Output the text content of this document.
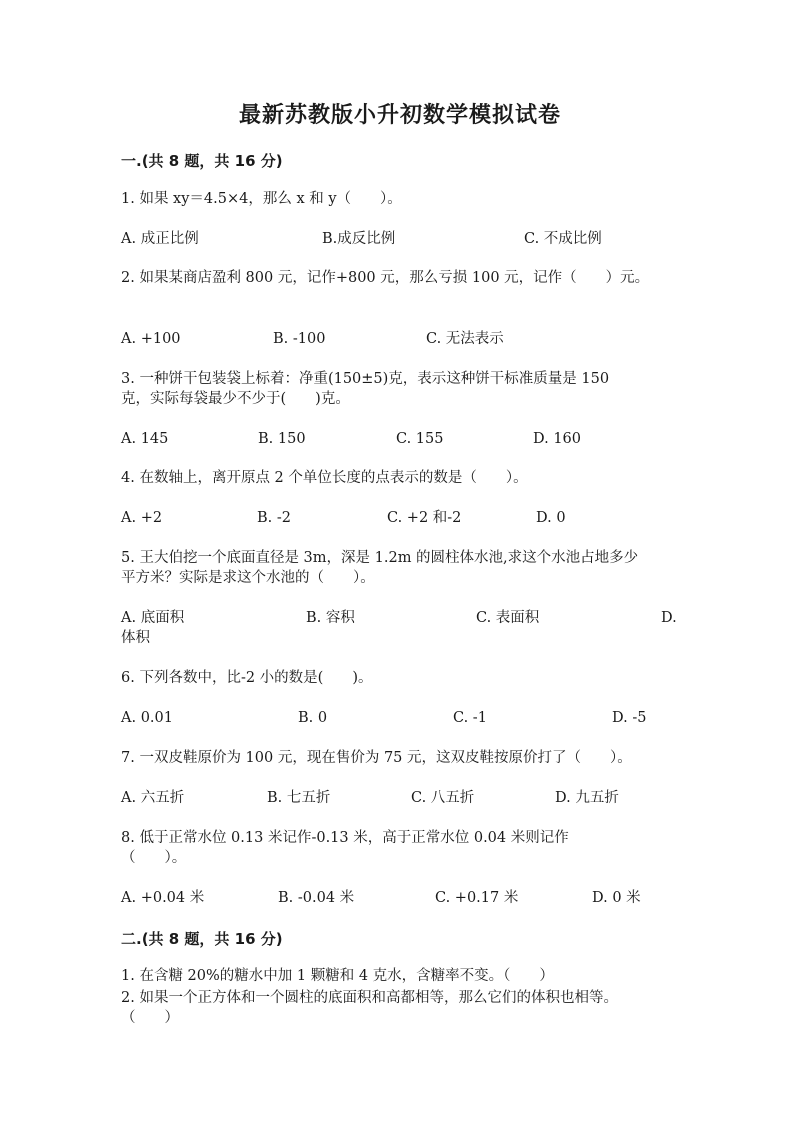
最新苏教版小升初数学模拟试卷
一.(共 8 题，共 16 分)
1. 如果 xy＝4.5×4，那么 x 和 y（　　）。
A. 成正比例	B.成反比例	C. 不成比例
2. 如果某商店盈利 800 元，记作+800 元，那么亏损 100 元，记作（　　）元。
A. +100	B. -100	C. 无法表示
3. 一种饼干包装袋上标着：净重(150±5)克，表示这种饼干标准质量是 150
克，实际每袋最少不少于(　　)克。
A. 145	B. 150	C. 155	D. 160
4. 在数轴上，离开原点 2 个单位长度的点表示的数是（　　）。
A. +2	B. -2	C. +2 和-2	D. 0
5. 王大伯挖一个底面直径是 3m，深是 1.2m 的圆柱体水池,求这个水池占地多少
平方米？实际是求这个水池的（　　）。
A. 底面积	B. 容积	C. 表面积	D.
体积
6. 下列各数中，比-2 小的数是(　　)。
A. 0.01	B. 0	C. -1	D. -5
7. 一双皮鞋原价为 100 元，现在售价为 75 元，这双皮鞋按原价打了（　　）。
A. 六五折	B. 七五折	C. 八五折	D. 九五折
8. 低于正常水位 0.13 米记作-0.13 米，高于正常水位 0.04 米则记作
（　　）。
A. +0.04 米	B. -0.04 米	C. +0.17 米	D. 0 米
二.(共 8 题，共 16 分)
1. 在含糖 20%的糖水中加 1 颗糖和 4 克水，含糖率不变。（　　）
2. 如果一个正方体和一个圆柱的底面积和高都相等，那么它们的体积也相等。
（　　）
